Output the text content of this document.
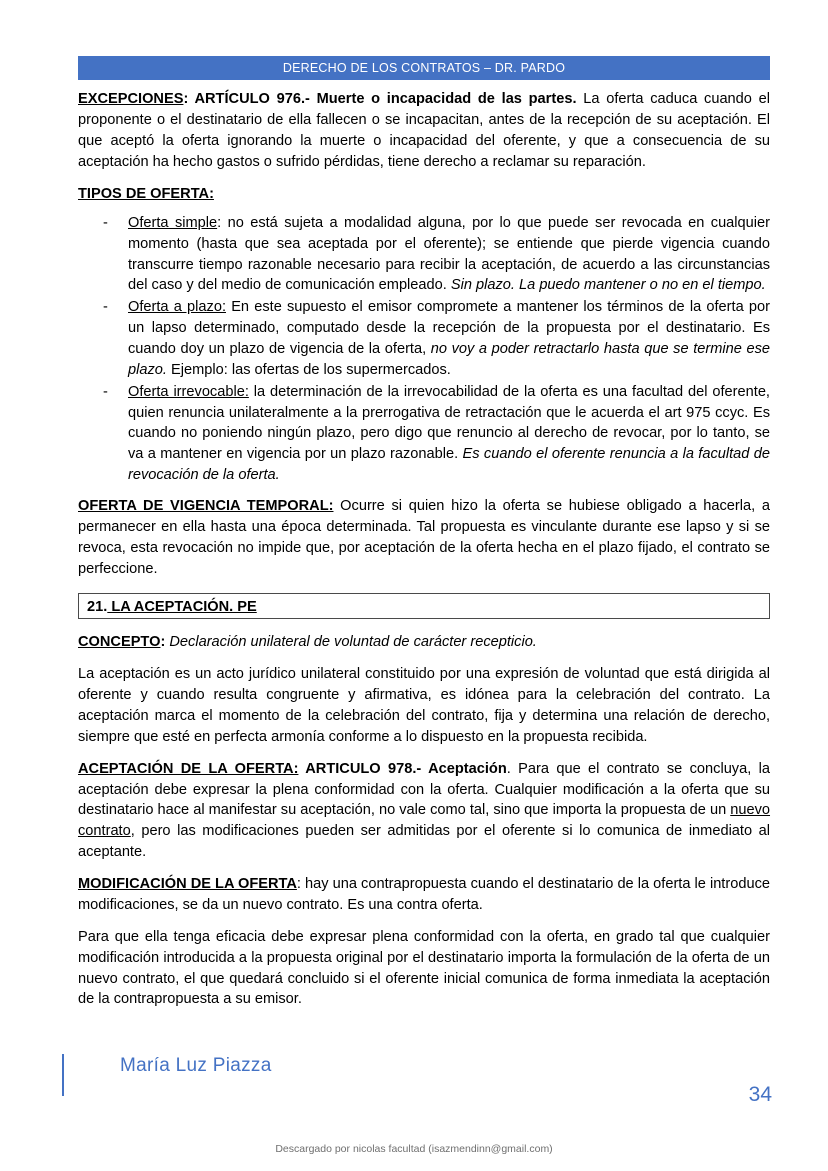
DERECHO DE LOS CONTRATOS – DR. PARDO

EXCEPCIONES: ARTÍCULO 976.- Muerte o incapacidad de las partes. La oferta caduca cuando el proponente o el destinatario de ella fallecen o se incapacitan, antes de la recepción de su aceptación. El que aceptó la oferta ignorando la muerte o incapacidad del oferente, y que a consecuencia de su aceptación ha hecho gastos o sufrido pérdidas, tiene derecho a reclamar su reparación.

TIPOS DE OFERTA:
- Oferta simple: no está sujeta a modalidad alguna, por lo que puede ser revocada en cualquier momento (hasta que sea aceptada por el oferente); se entiende que pierde vigencia cuando transcurre tiempo razonable necesario para recibir la aceptación, de acuerdo a las circunstancias del caso y del medio de comunicación empleado. Sin plazo. La puedo mantener o no en el tiempo.
- Oferta a plazo: En este supuesto el emisor compromete a mantener los términos de la oferta por un lapso determinado, computado desde la recepción de la propuesta por el destinatario. Es cuando doy un plazo de vigencia de la oferta, no voy a poder retractarlo hasta que se termine ese plazo. Ejemplo: las ofertas de los supermercados.
- Oferta irrevocable: la determinación de la irrevocabilidad de la oferta es una facultad del oferente, quien renuncia unilateralmente a la prerrogativa de retractación que le acuerda el art 975 ccyc. Es cuando no poniendo ningún plazo, pero digo que renuncio al derecho de revocar, por lo tanto, se va a mantener en vigencia por un plazo razonable. Es cuando el oferente renuncia a la facultad de revocación de la oferta.

OFERTA DE VIGENCIA TEMPORAL: Ocurre si quien hizo la oferta se hubiese obligado a hacerla, a permanecer en ella hasta una época determinada. Tal propuesta es vinculante durante ese lapso y si se revoca, esta revocación no impide que, por aceptación de la oferta hecha en el plazo fijado, el contrato se perfeccione.

21. LA ACEPTACIÓN. PE

CONCEPTO: Declaración unilateral de voluntad de carácter recepticio.

La aceptación es un acto jurídico unilateral constituido por una expresión de voluntad que está dirigida al oferente y cuando resulta congruente y afirmativa, es idónea para la celebración del contrato. La aceptación marca el momento de la celebración del contrato, fija y determina una relación de derecho, siempre que esté en perfecta armonía conforme a lo dispuesto en la propuesta recibida.

ACEPTACIÓN DE LA OFERTA: ARTICULO 978.- Aceptación. Para que el contrato se concluya, la aceptación debe expresar la plena conformidad con la oferta. Cualquier modificación a la oferta que su destinatario hace al manifestar su aceptación, no vale como tal, sino que importa la propuesta de un nuevo contrato, pero las modificaciones pueden ser admitidas por el oferente si lo comunica de inmediato al aceptante.

MODIFICACIÓN DE LA OFERTA: hay una contrapropuesta cuando el destinatario de la oferta le introduce modificaciones, se da un nuevo contrato. Es una contra oferta.

Para que ella tenga eficacia debe expresar plena conformidad con la oferta, en grado tal que cualquier modificación introducida a la propuesta original por el destinatario importa la formulación de la oferta de un nuevo contrato, el que quedará concluido si el oferente inicial comunica de forma inmediata la aceptación de la contrapropuesta a su emisor.

María Luz Piazza
34
Descargado por nicolas facultad (isazmendinn@gmail.com)
